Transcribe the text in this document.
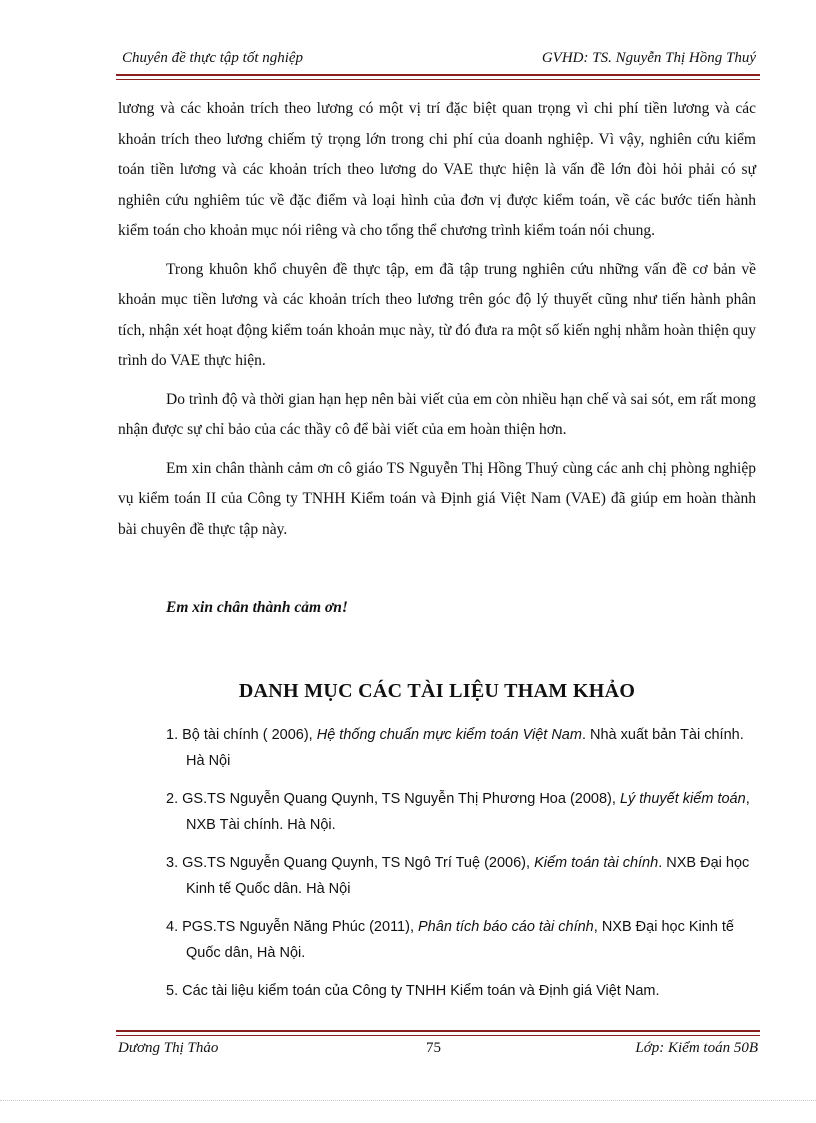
Chuyên đề thực tập tốt nghiệp	GVHD: TS. Nguyễn Thị Hồng Thuý

lương và các khoản trích theo lương có một vị trí đặc biệt quan trọng vì chi phí tiền lương và các khoản trích theo lương chiếm tỷ trọng lớn trong chi phí của doanh nghiệp. Vì vậy, nghiên cứu kiểm toán tiền lương và các khoản trích theo lương do VAE thực hiện là vấn đề lớn đòi hỏi phải có sự nghiên cứu nghiêm túc về đặc điểm và loại hình của đơn vị được kiểm toán, về các bước tiến hành kiểm toán cho khoản mục nói riêng và cho tổng thể chương trình kiểm toán nói chung.

Trong khuôn khổ chuyên đề thực tập, em đã tập trung nghiên cứu những vấn đề cơ bản về khoản mục tiền lương và các khoản trích theo lương trên góc độ lý thuyết cũng như tiến hành phân tích, nhận xét hoạt động kiểm toán khoản mục này, từ đó đưa ra một số kiến nghị nhằm hoàn thiện quy trình do VAE thực hiện.

Do trình độ và thời gian hạn hẹp nên bài viết của em còn nhiều hạn chế và sai sót, em rất mong nhận được sự chỉ bảo của các thầy cô để bài viết của em hoàn thiện hơn.

Em xin chân thành cảm ơn cô giáo TS Nguyễn Thị Hồng Thuý cùng các anh chị phòng nghiệp vụ kiểm toán II của Công ty TNHH Kiểm toán và Định giá Việt Nam (VAE) đã giúp em hoàn thành bài chuyên đề thực tập này.

Em xin chân thành cảm ơn!
DANH MỤC CÁC TÀI LIỆU THAM KHẢO
1. Bộ tài chính ( 2006), Hệ thống chuẩn mực kiểm toán Việt Nam. Nhà xuất bản Tài chính. Hà Nội
2. GS.TS Nguyễn Quang Quynh, TS Nguyễn Thị Phương Hoa (2008), Lý thuyết kiểm toán, NXB Tài chính. Hà Nội.
3. GS.TS Nguyễn Quang Quynh, TS Ngô Trí Tuệ (2006), Kiểm toán tài chính. NXB Đại học Kinh tế Quốc dân. Hà Nội
4. PGS.TS Nguyễn Năng Phúc (2011), Phân tích báo cáo tài chính, NXB Đại học Kinh tế Quốc dân, Hà Nội.
5. Các tài liệu kiểm toán của Công ty TNHH Kiểm toán và Định giá Việt Nam.
Dương Thị Thảo	75	Lớp: Kiểm toán 50B
